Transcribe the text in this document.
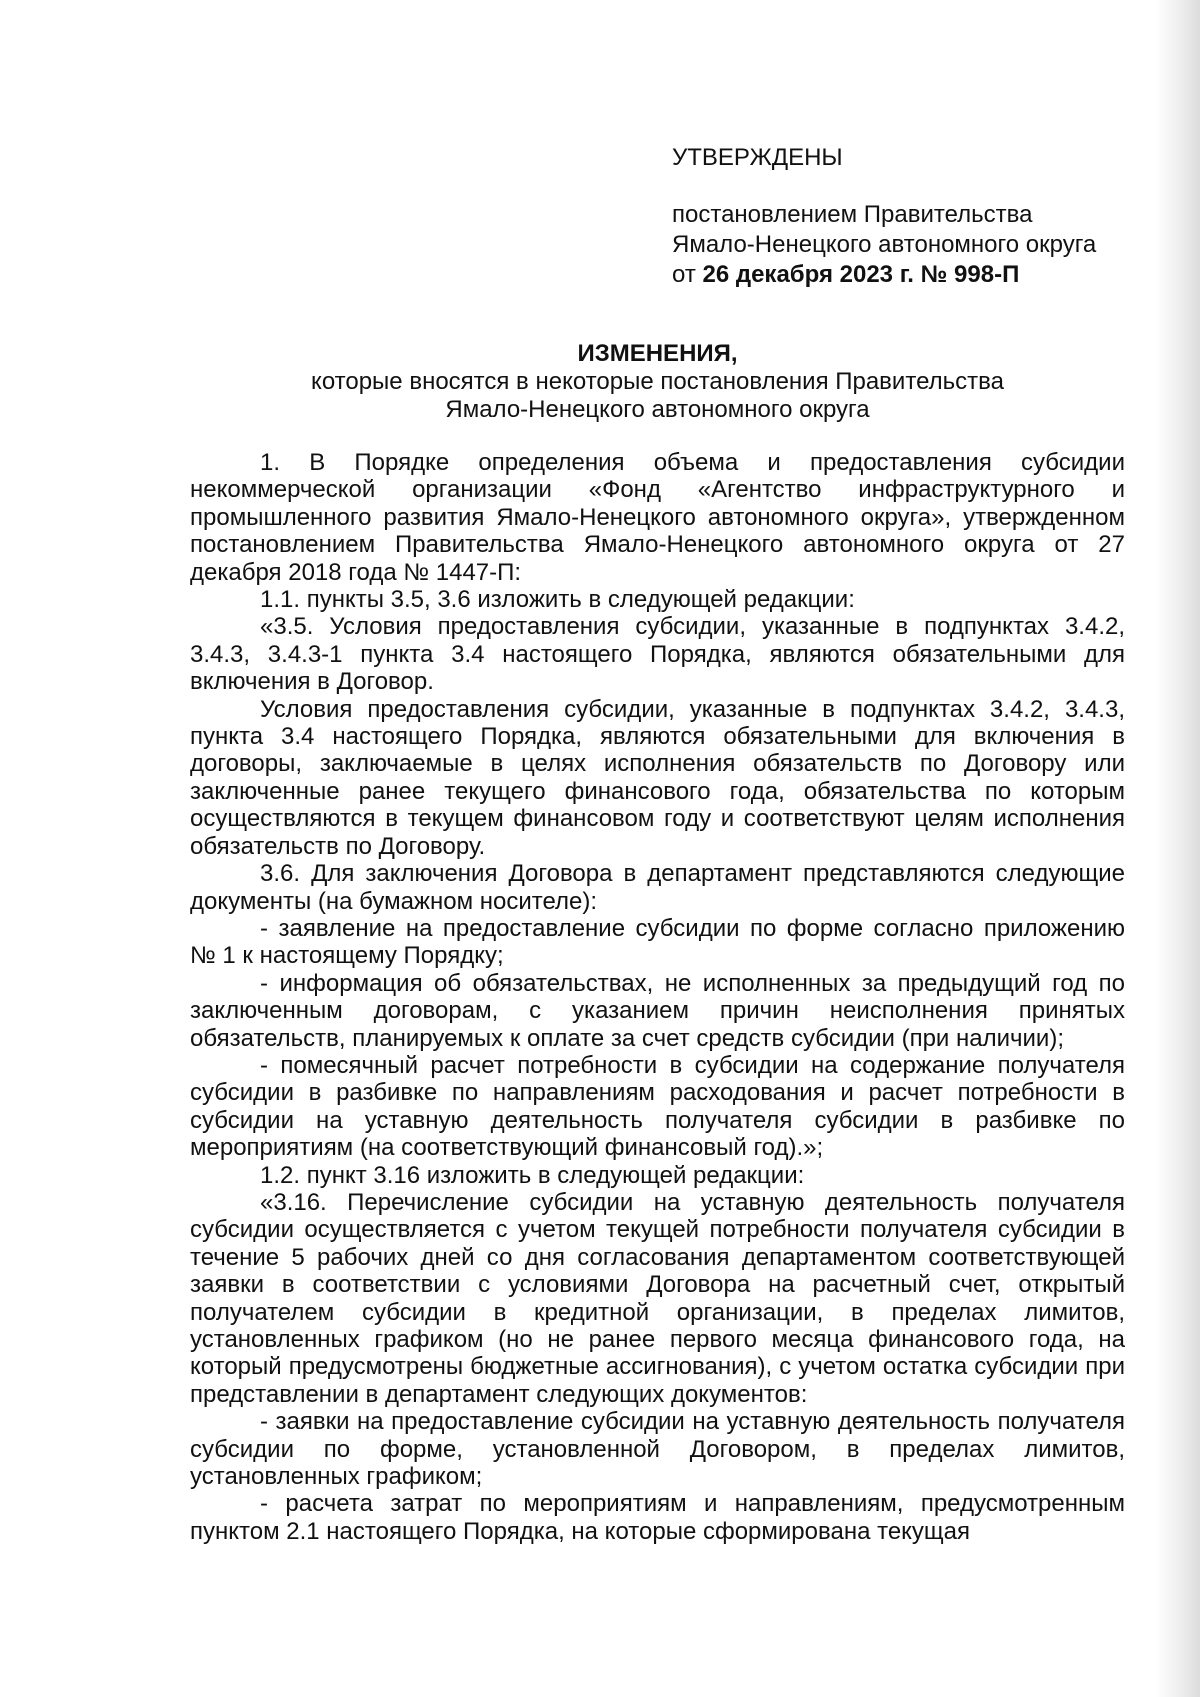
УТВЕРЖДЕНЫ

постановлением Правительства

Ямало-Ненецкого автономного округа

от 26 декабря 2023 г. № 998-П

ИЗМЕНЕНИЯ,
которые вносятся в некоторые постановления Правительства
Ямало-Ненецкого автономного округа

1. В Порядке определения объема и предоставления субсидии некоммерческой организации «Фонд «Агентство инфраструктурного и промышленного развития Ямало-Ненецкого автономного округа», утвержденном постановлением Правительства Ямало-Ненецкого автономного округа от 27 декабря 2018 года № 1447-П:

1.1. пункты 3.5, 3.6 изложить в следующей редакции:

«3.5. Условия предоставления субсидии, указанные в подпунктах 3.4.2, 3.4.3, 3.4.3-1 пункта 3.4 настоящего Порядка, являются обязательными для включения в Договор.

Условия предоставления субсидии, указанные в подпунктах 3.4.2, 3.4.3, пункта 3.4 настоящего Порядка, являются обязательными для включения в договоры, заключаемые в целях исполнения обязательств по Договору или заключенные ранее текущего финансового года, обязательства по которым осуществляются в текущем финансовом году и соответствуют целям исполнения обязательств по Договору.

3.6. Для заключения Договора в департамент представляются следующие документы (на бумажном носителе):

- заявление на предоставление субсидии по форме согласно приложению № 1 к настоящему Порядку;

- информация об обязательствах, не исполненных за предыдущий год по заключенным договорам, с указанием причин неисполнения принятых обязательств, планируемых к оплате за счет средств субсидии (при наличии);

- помесячный расчет потребности в субсидии на содержание получателя субсидии в разбивке по направлениям расходования и расчет потребности в субсидии на уставную деятельность получателя субсидии в разбивке по мероприятиям (на соответствующий финансовый год).»;

1.2. пункт 3.16 изложить в следующей редакции:

«3.16. Перечисление субсидии на уставную деятельность получателя субсидии осуществляется с учетом текущей потребности получателя субсидии в течение 5 рабочих дней со дня согласования департаментом соответствующей заявки в соответствии с условиями Договора на расчетный счет, открытый получателем субсидии в кредитной организации, в пределах лимитов, установленных графиком (но не ранее первого месяца финансового года, на который предусмотрены бюджетные ассигнования), с учетом остатка субсидии при представлении в департамент следующих документов:

- заявки на предоставление субсидии на уставную деятельность получателя субсидии по форме, установленной Договором, в пределах лимитов, установленных графиком;

- расчета затрат по мероприятиям и направлениям, предусмотренным пунктом 2.1 настоящего Порядка, на которые сформирована текущая
